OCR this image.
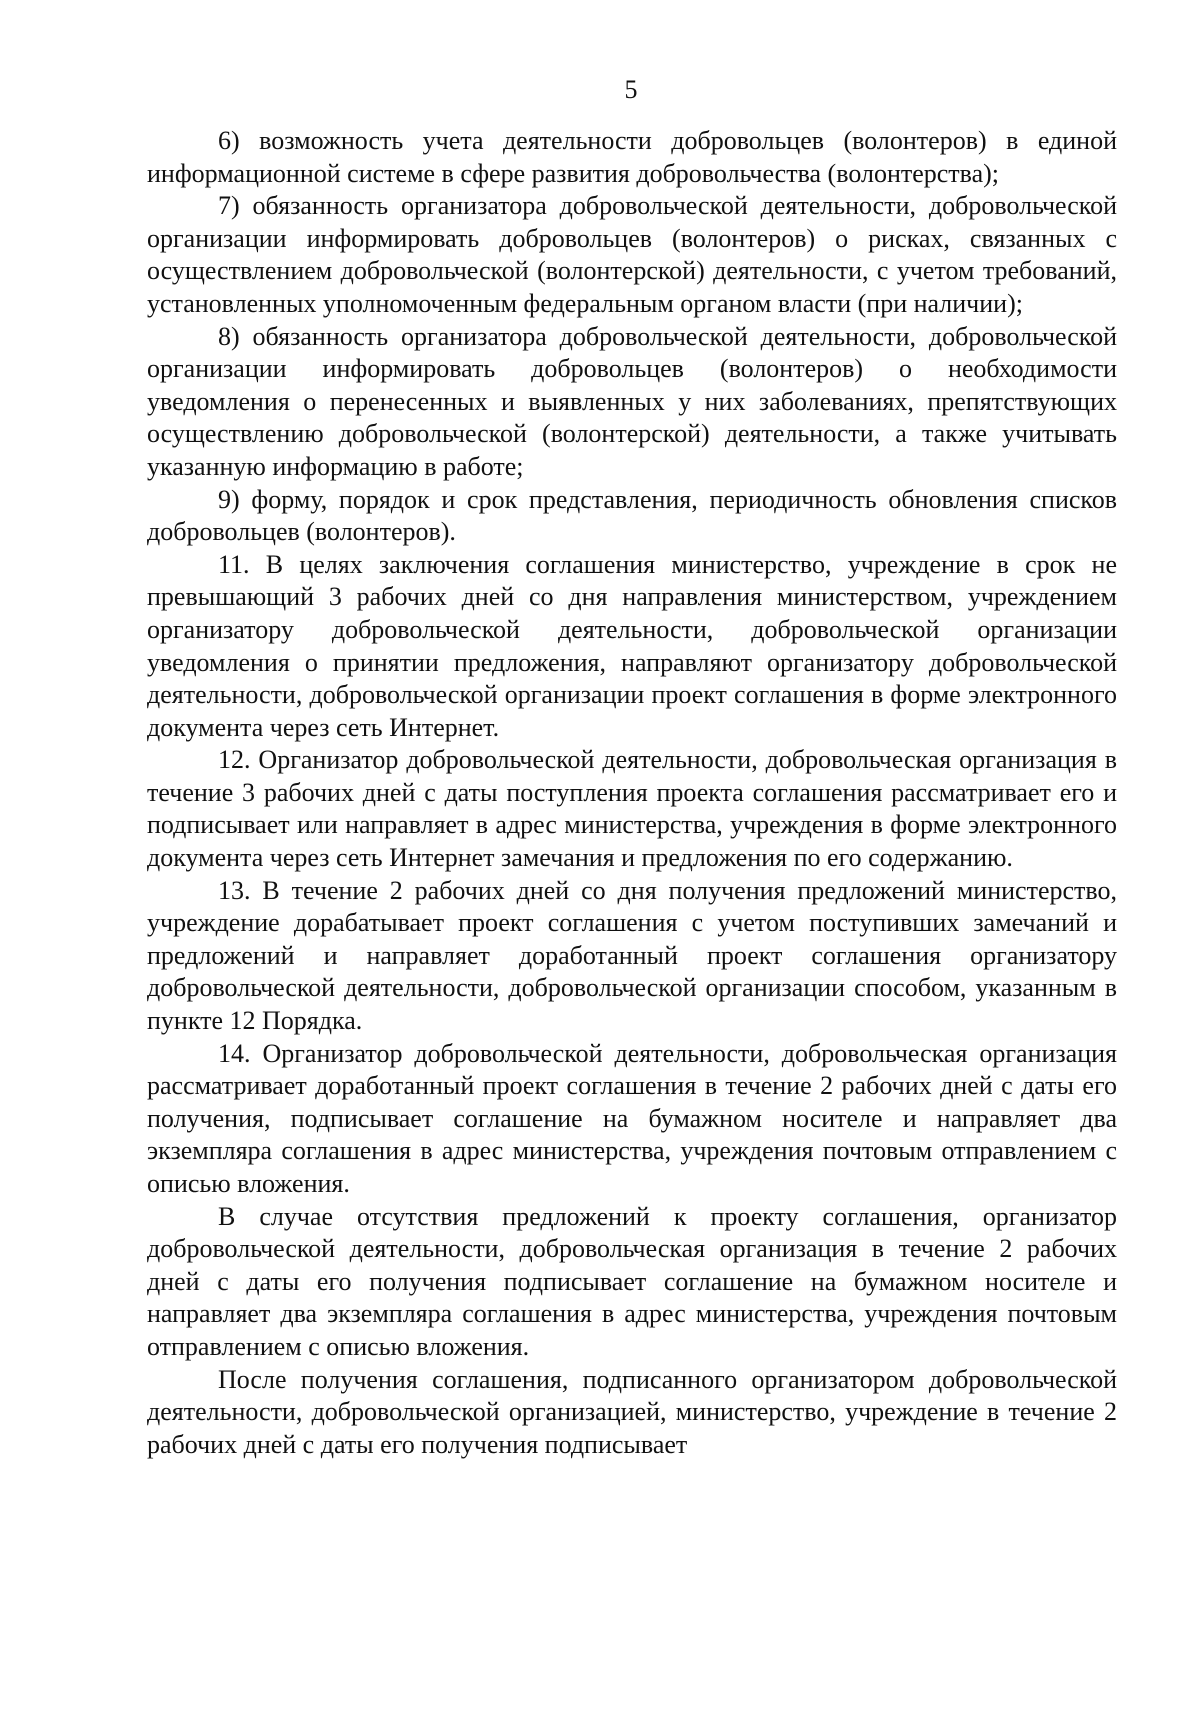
5

6) возможность учета деятельности добровольцев (волонтеров) в единой информационной системе в сфере развития добровольчества (волонтерства);

7) обязанность организатора добровольческой деятельности, добровольческой организации информировать добровольцев (волонтеров) о рисках, связанных с осуществлением добровольческой (волонтерской) деятельности, с учетом требований, установленных уполномоченным федеральным органом власти (при наличии);

8) обязанность организатора добровольческой деятельности, добровольческой организации информировать добровольцев (волонтеров) о необходимости уведомления о перенесенных и выявленных у них заболеваниях, препятствующих осуществлению добровольческой (волонтерской) деятельности, а также учитывать указанную информацию в работе;

9) форму, порядок и срок представления, периодичность обновления списков добровольцев (волонтеров).

11. В целях заключения соглашения министерство, учреждение в срок не превышающий 3 рабочих дней со дня направления министерством, учреждением организатору добровольческой деятельности, добровольческой организации уведомления о принятии предложения, направляют организатору добровольческой деятельности, добровольческой организации проект соглашения в форме электронного документа через сеть Интернет.

12. Организатор добровольческой деятельности, добровольческая организация в течение 3 рабочих дней с даты поступления проекта соглашения рассматривает его и подписывает или направляет в адрес министерства, учреждения в форме электронного документа через сеть Интернет замечания и предложения по его содержанию.

13. В течение 2 рабочих дней со дня получения предложений министерство, учреждение дорабатывает проект соглашения с учетом поступивших замечаний и предложений и направляет доработанный проект соглашения организатору добровольческой деятельности, добровольческой организации способом, указанным в пункте 12 Порядка.

14. Организатор добровольческой деятельности, добровольческая организация рассматривает доработанный проект соглашения в течение 2 рабочих дней с даты его получения, подписывает соглашение на бумажном носителе и направляет два экземпляра соглашения в адрес министерства, учреждения почтовым отправлением с описью вложения.

В случае отсутствия предложений к проекту соглашения, организатор добровольческой деятельности, добровольческая организация в течение 2 рабочих дней с даты его получения подписывает соглашение на бумажном носителе и направляет два экземпляра соглашения в адрес министерства, учреждения почтовым отправлением с описью вложения.

После получения соглашения, подписанного организатором добровольческой деятельности, добровольческой организацией, министерство, учреждение в течение 2 рабочих дней с даты его получения подписывает
